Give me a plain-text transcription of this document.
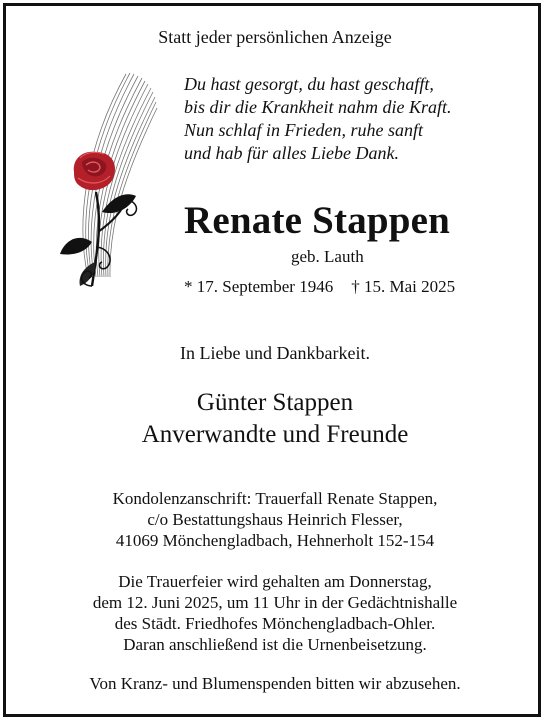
Statt jeder persönlichen Anzeige
Du hast gesorgt, du hast geschafft,
bis dir die Krankheit nahm die Kraft.
Nun schlaf in Frieden, ruhe sanft
und hab für alles Liebe Dank.
Renate Stappen
geb. Lauth
* 17. September 1946 † 15. Mai 2025
In Liebe und Dankbarkeit.
Günter Stappen
Anverwandte und Freunde
Kondolenzanschrift: Trauerfall Renate Stappen,
c/o Bestattungshaus Heinrich Flesser,
41069 Mönchengladbach, Hehnerholt 152-154
Die Trauerfeier wird gehalten am Donnerstag,
dem 12. Juni 2025, um 11 Uhr in der Gedächtnishalle
des Stādt. Friedhofes Mönchengladbach-Ohler.
Daran anschließend ist die Urnenbeisetzung.
Von Kranz- und Blumenspenden bitten wir abzusehen.
